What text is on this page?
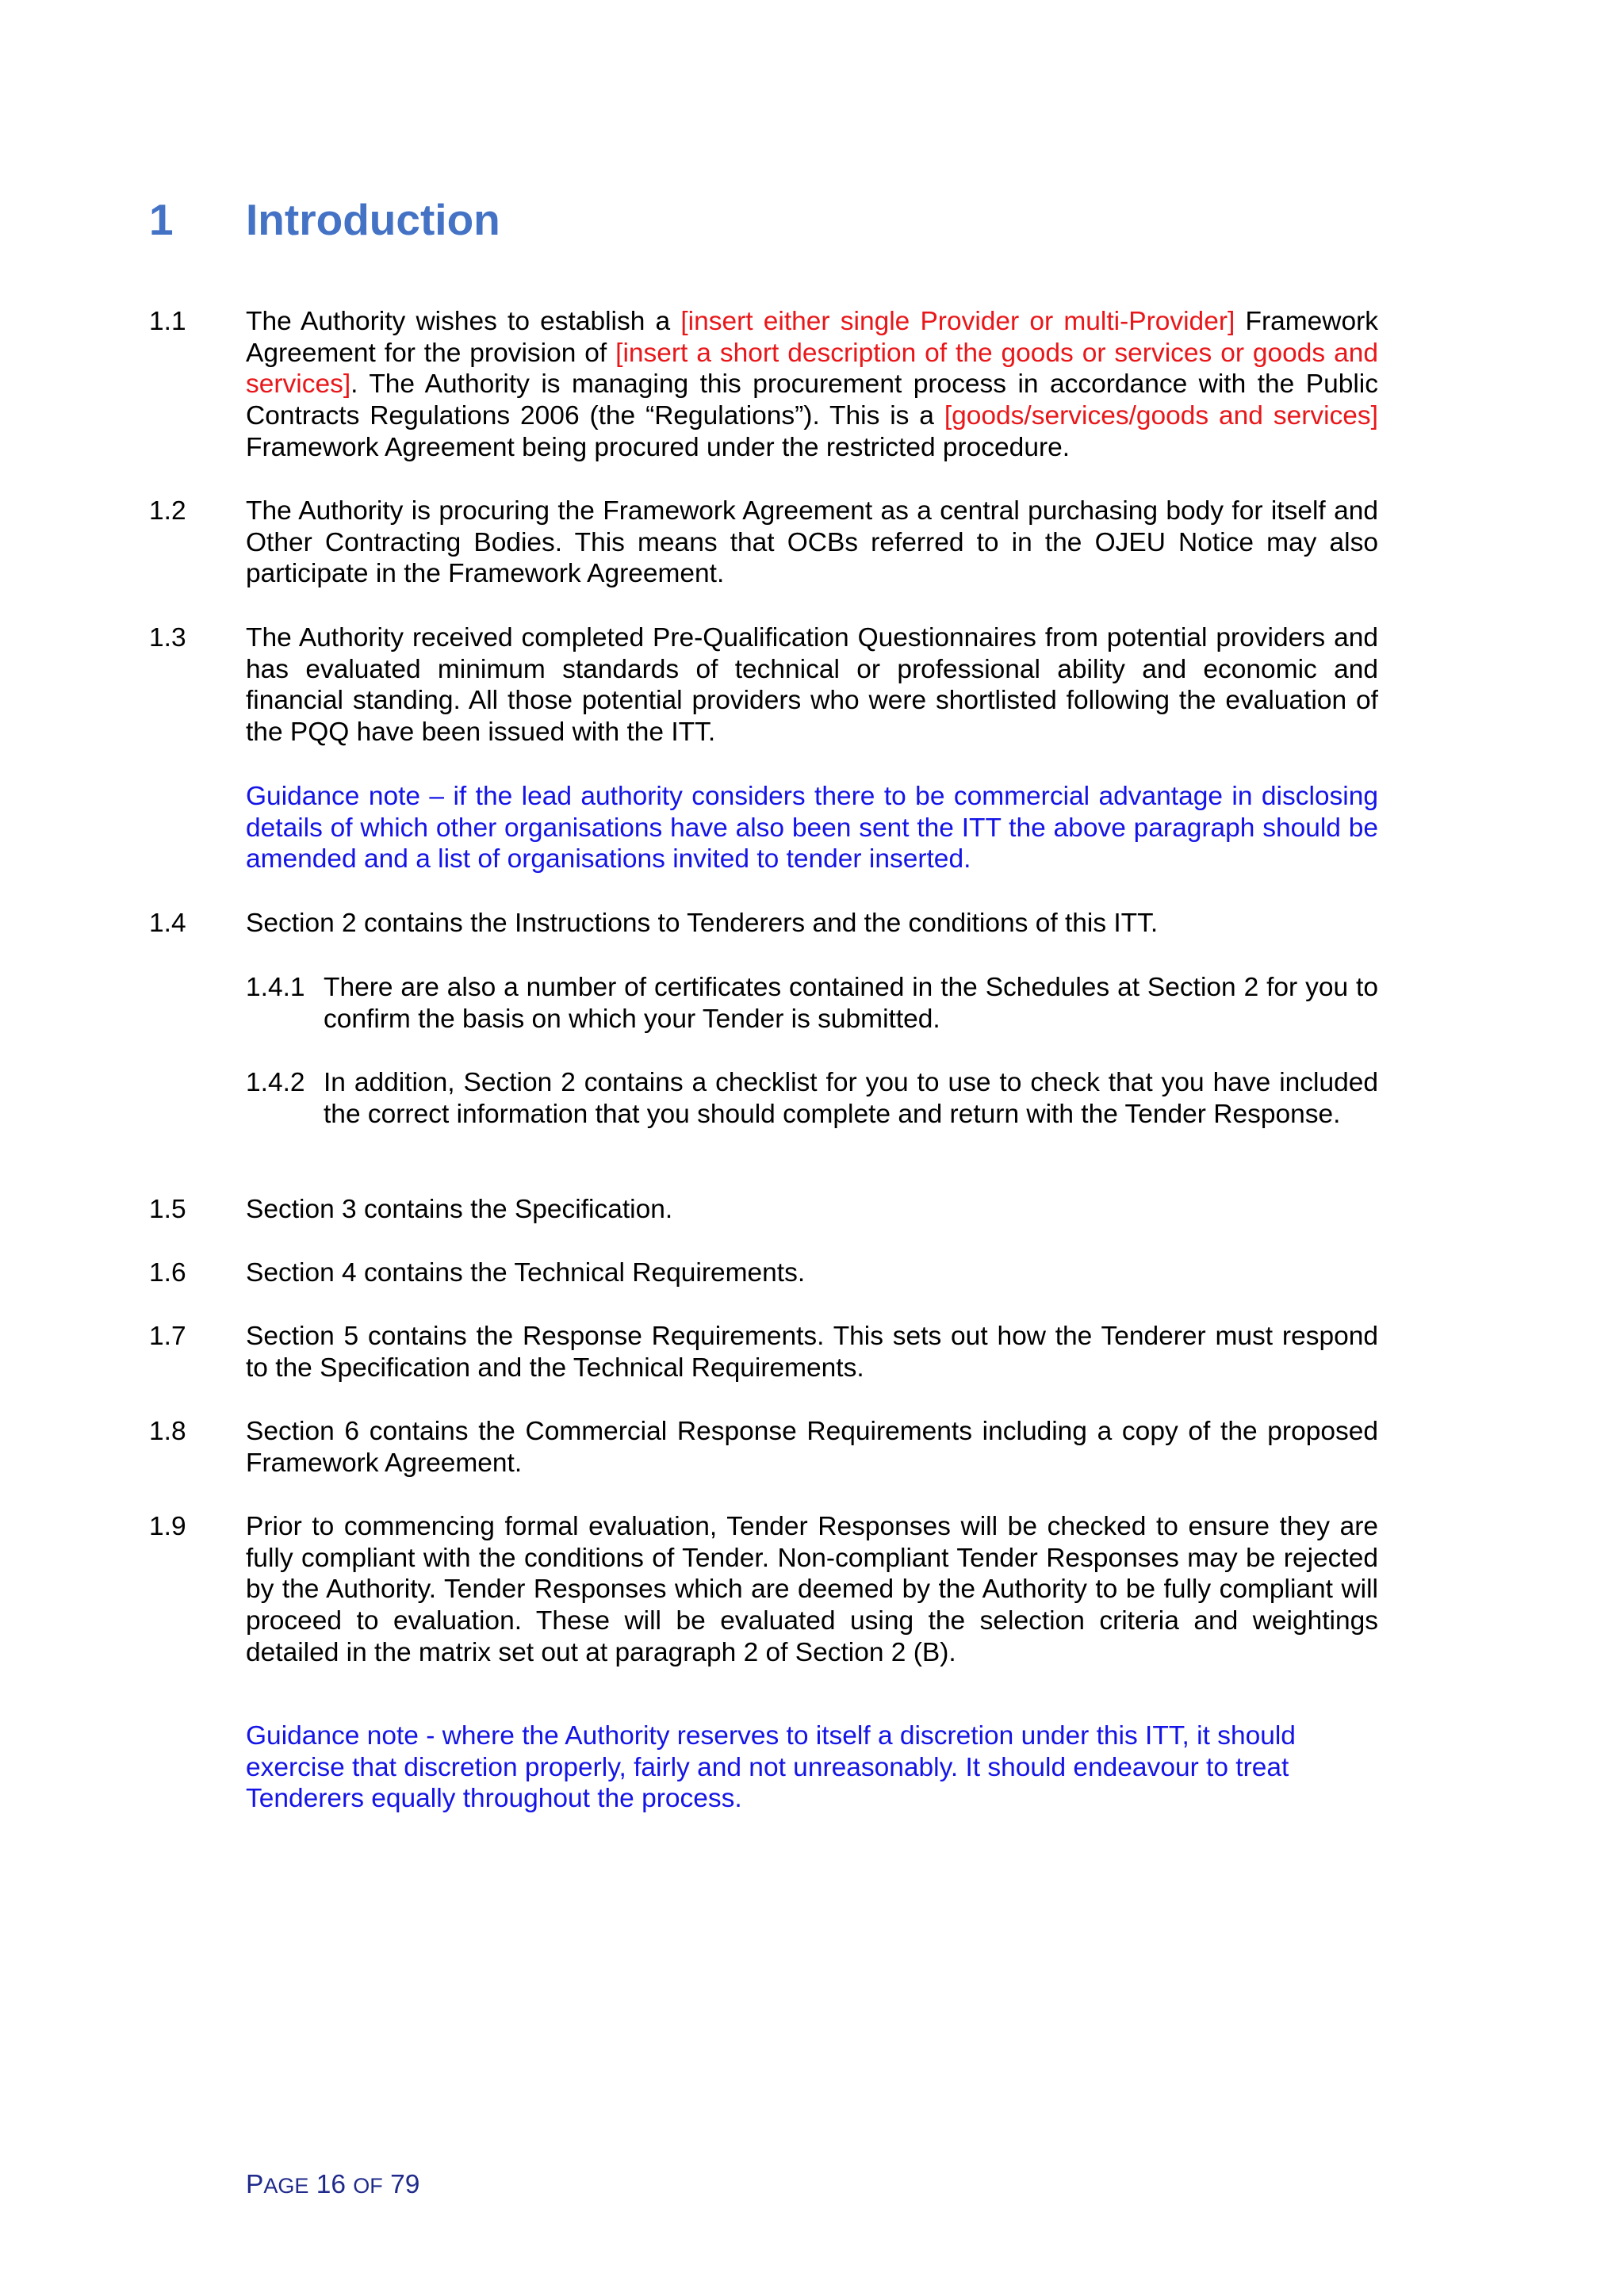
1 Introduction
1.1 The Authority wishes to establish a [insert either single Provider or multi-Provider] Framework Agreement for the provision of [insert a short description of the goods or services or goods and services]. The Authority is managing this procurement process in accordance with the Public Contracts Regulations 2006 (the “Regulations”). This is a [goods/services/goods and services] Framework Agreement being procured under the restricted procedure.
1.2 The Authority is procuring the Framework Agreement as a central purchasing body for itself and Other Contracting Bodies. This means that OCBs referred to in the OJEU Notice may also participate in the Framework Agreement.
1.3 The Authority received completed Pre-Qualification Questionnaires from potential providers and has evaluated minimum standards of technical or professional ability and economic and financial standing. All those potential providers who were shortlisted following the evaluation of the PQQ have been issued with the ITT.
Guidance note – if the lead authority considers there to be commercial advantage in disclosing details of which other organisations have also been sent the ITT the above paragraph should be amended and a list of organisations invited to tender inserted.
1.4 Section 2 contains the Instructions to Tenderers and the conditions of this ITT.
1.4.1 There are also a number of certificates contained in the Schedules at Section 2 for you to confirm the basis on which your Tender is submitted.
1.4.2 In addition, Section 2 contains a checklist for you to use to check that you have included the correct information that you should complete and return with the Tender Response.
1.5 Section 3 contains the Specification.
1.6 Section 4 contains the Technical Requirements.
1.7 Section 5 contains the Response Requirements. This sets out how the Tenderer must respond to the Specification and the Technical Requirements.
1.8 Section 6 contains the Commercial Response Requirements including a copy of the proposed Framework Agreement.
1.9 Prior to commencing formal evaluation, Tender Responses will be checked to ensure they are fully compliant with the conditions of Tender. Non-compliant Tender Responses may be rejected by the Authority. Tender Responses which are deemed by the Authority to be fully compliant will proceed to evaluation. These will be evaluated using the selection criteria and weightings detailed in the matrix set out at paragraph 2 of Section 2 (B).
Guidance note - where the Authority reserves to itself a discretion under this ITT, it should exercise that discretion properly, fairly and not unreasonably. It should endeavour to treat Tenderers equally throughout the process.
PAGE 16 OF 79
